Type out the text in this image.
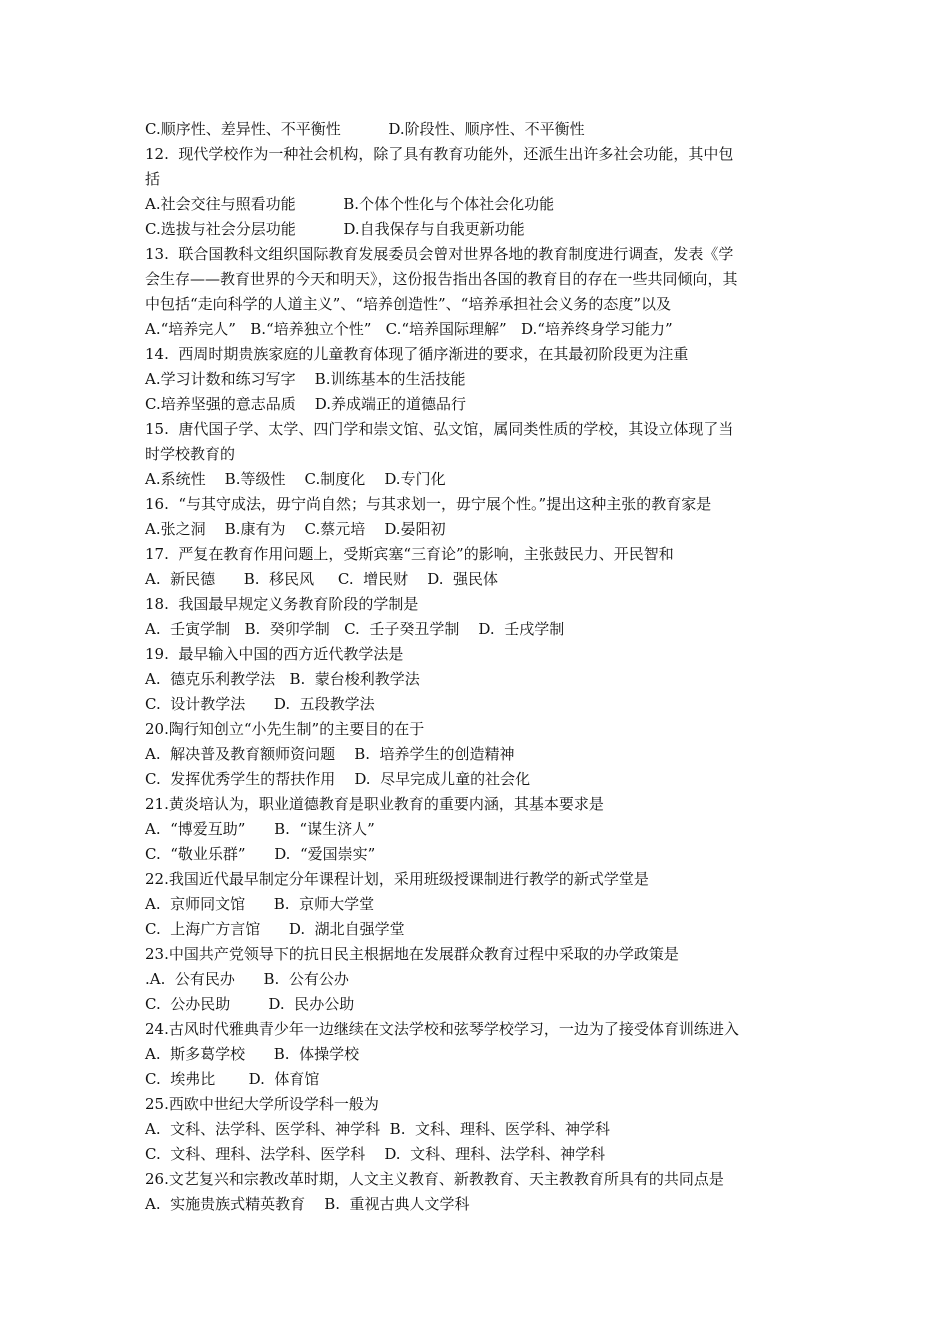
C.顺序性、差异性、不平衡性          D.阶段性、顺序性、不平衡性
12.  现代学校作为一种社会机构，除了具有教育功能外，还派生出许多社会功能，其中包
括
A.社会交往与照看功能          B.个体个性化与个体社会化功能
C.选拔与社会分层功能          D.自我保存与自我更新功能
13.  联合国教科文组织国际教育发展委员会曾对世界各地的教育制度进行调查，发表《学
会生存——教育世界的今天和明天》，这份报告指出各国的教育目的存在一些共同倾向，其
中包括“走向科学的人道主义”、“培养创造性”、“培养承担社会义务的态度”以及
A.“培养完人”   B.“培养独立个性”   C.“培养国际理解”   D.“培养终身学习能力”
14.  西周时期贵族家庭的儿童教育体现了循序渐进的要求，在其最初阶段更为注重
A.学习计数和练习写字    B.训练基本的生活技能
C.培养坚强的意志品质    D.养成端正的道德品行
15.  唐代国子学、太学、四门学和崇文馆、弘文馆，属同类性质的学校，其设立体现了当
时学校教育的
A.系统性    B.等级性    C.制度化    D.专门化
16.  “与其守成法，毋宁尚自然；与其求划一，毋宁展个性。”提出这种主张的教育家是
A.张之洞    B.康有为    C.蔡元培    D.晏阳初
17.  严复在教育作用问题上，受斯宾塞“三育论”的影响，主张鼓民力、开民智和
A.  新民德      B.  移民风     C.  增民财    D.  强民体
18.  我国最早规定义务教育阶段的学制是
A.  壬寅学制   B.  癸卯学制   C.  壬子癸丑学制    D.  壬戌学制
19.  最早输入中国的西方近代教学法是
A.  德克乐利教学法   B.  蒙台梭利教学法
C.  设计教学法      D.  五段教学法
20.陶行知创立“小先生制”的主要目的在于
A.  解决普及教育额师资问题    B.  培养学生的创造精神
C.  发挥优秀学生的帮扶作用    D.  尽早完成儿童的社会化
21.黄炎培认为，职业道德教育是职业教育的重要内涵，其基本要求是
A.  “博爱互助”      B.  “谋生济人”
C.  “敬业乐群”      D.  “爱国崇实”
22.我国近代最早制定分年课程计划，采用班级授课制进行教学的新式学堂是
A.  京师同文馆      B.  京师大学堂
C.  上海广方言馆      D.  湖北自强学堂
23.中国共产党领导下的抗日民主根据地在发展群众教育过程中采取的办学政策是
.A.  公有民办      B.  公有公办
C.  公办民助        D.  民办公助
24.古风时代雅典青少年一边继续在文法学校和弦琴学校学习，一边为了接受体育训练进入
A.  斯多葛学校      B.  体操学校
C.  埃弗比       D.  体育馆
25.西欧中世纪大学所设学科一般为
A.  文科、法学科、医学科、神学科  B.  文科、理科、医学科、神学科
C.  文科、理科、法学科、医学科    D.  文科、理科、法学科、神学科
26.文艺复兴和宗教改革时期，人文主义教育、新教教育、天主教教育所具有的共同点是
A.  实施贵族式精英教育    B.  重视古典人文学科
